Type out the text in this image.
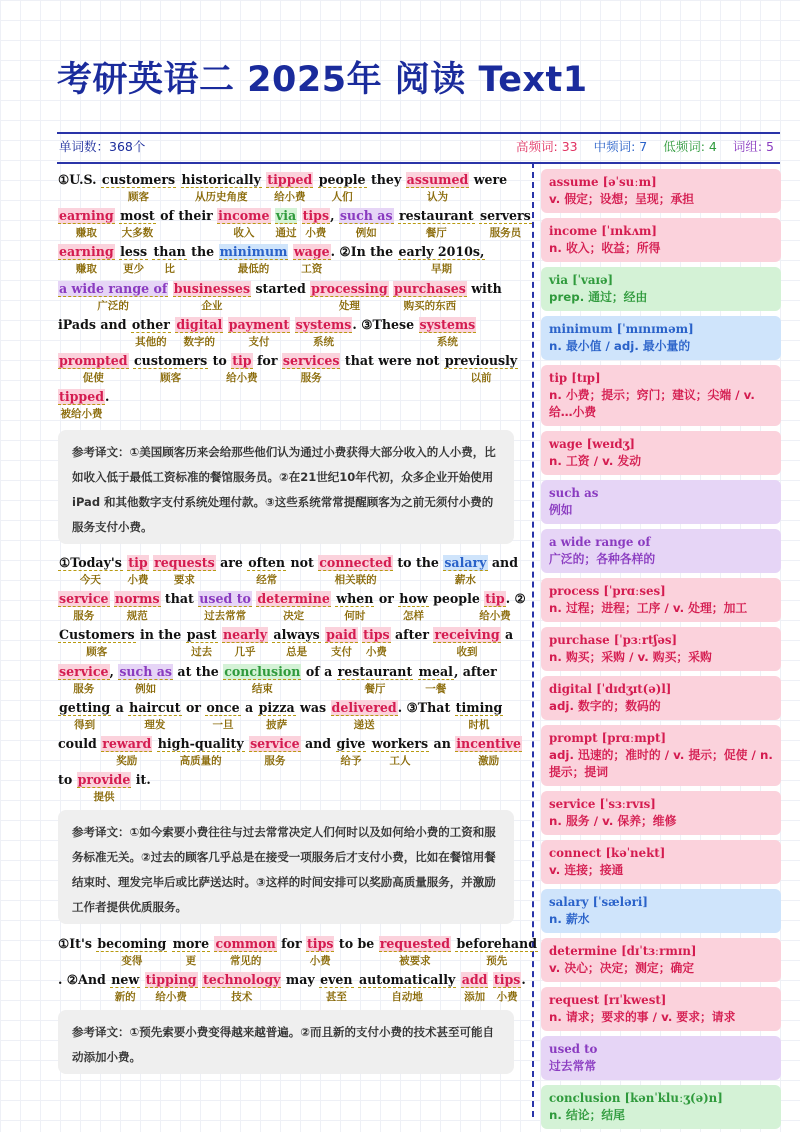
考研英语二 2025年 阅读 Text1
单词数：368个	高频词: 33 中频词: 7 低频词: 4 词组: 5
①U.S. customers
顾客
historically
从历史角度
tipped
给小费
people
人们
they assumed
认为
were
earning
赚取
most
大多数
of their income
收入
via
通过
tips
小费
, such as
例如
restaurant
餐厅
servers
服务员
earning
赚取
less
更少
than
比
the minimum
最低的
wage
工资
. ②In the early 2010s,
早期
a wide range of
广泛的
businesses
企业
started processing
处理
purchases
购买的东西
with
iPads and other
其他的
digital
数字的
payment
支付
systems
系统
. ③These systems
系统
prompted
促使
customers
顾客
to tip
给小费
for services
服务
that were not previously
以前
tipped
被给小费
.
参考译文：①美国顾客历来会给那些他们认为通过小费获得大部分收入的人小费，比如收入低于最低工资标准的餐馆服务员。②在21世纪10年代初，众多企业开始使用 iPad 和其他数字支付系统处理付款。③这些系统常常提醒顾客为之前无须付小费的服务支付小费。
①Today's
今天
tip
小费
requests
要求
are often
经常
not connected
相关联的
to the salary
薪水
and
service
服务
norms
规范
that used to
过去常常
determine
决定
when
何时
or how
怎样
people tip
给小费
. ②
Customers
顾客
in the past
过去
nearly
几乎
always
总是
paid
支付
tips
小费
after receiving
收到
a
service
服务
, such as
例如
at the conclusion
结束
of a restaurant
餐厅
meal
一餐
, after
getting
得到
a haircut
理发
or once
一旦
a pizza
披萨
was delivered
递送
. ③That timing
时机
could reward
奖励
high-quality
高质量的
service
服务
and give
给予
workers
工人
an incentive
激励
to provide
提供
it.
参考译文：①如今索要小费往往与过去常常决定人们何时以及如何给小费的工资和服务标准无关。②过去的顾客几乎总是在接受一项服务后才支付小费，比如在餐馆用餐结束时、理发完毕后或比萨送达时。③这样的时间安排可以奖励高质量服务，并激励工作者提供优质服务。
①It's becoming
变得
more
更
common
常见的
for tips
小费
to be requested
被要求
beforehand
预先
. ②And new
新的
tipping
给小费
technology
技术
may even
甚至
automatically
自动地
add
添加
tips
小费
.
参考译文：①预先索要小费变得越来越普遍。②而且新的支付小费的技术甚至可能自动添加小费。
assume [əˈsuːm]
v. 假定；设想；呈现；承担
income [ˈɪnkʌm]
n. 收入；收益；所得
via [ˈvaɪə]
prep. 通过；经由
minimum [ˈmɪnɪməm]
n. 最小值 / adj. 最小量的
tip [tɪp]
n. 小费；提示；窍门；建议；尖端 / v. 给…小费
wage [weɪdʒ]
n. 工资 / v. 发动
such as
例如
a wide range of
广泛的；各种各样的
process [ˈprɑːses]
n. 过程；进程；工序 / v. 处理；加工
purchase [ˈpɜːrtʃəs]
n. 购买；采购 / v. 购买；采购
digital [ˈdɪdʒɪt(ə)l]
adj. 数字的；数码的
prompt [prɑːmpt]
adj. 迅速的；准时的 / v. 提示；促使 / n. 提示；提词
service [ˈsɜːrvɪs]
n. 服务 / v. 保养；维修
connect [kəˈnekt]
v. 连接；接通
salary [ˈsæləri]
n. 薪水
determine [dɪˈtɜːrmɪn]
v. 决心；决定；测定；确定
request [rɪˈkwest]
n. 请求；要求的事 / v. 要求；请求
used to
过去常常
conclusion [kənˈkluːʒ(ə)n]
n. 结论；结尾
